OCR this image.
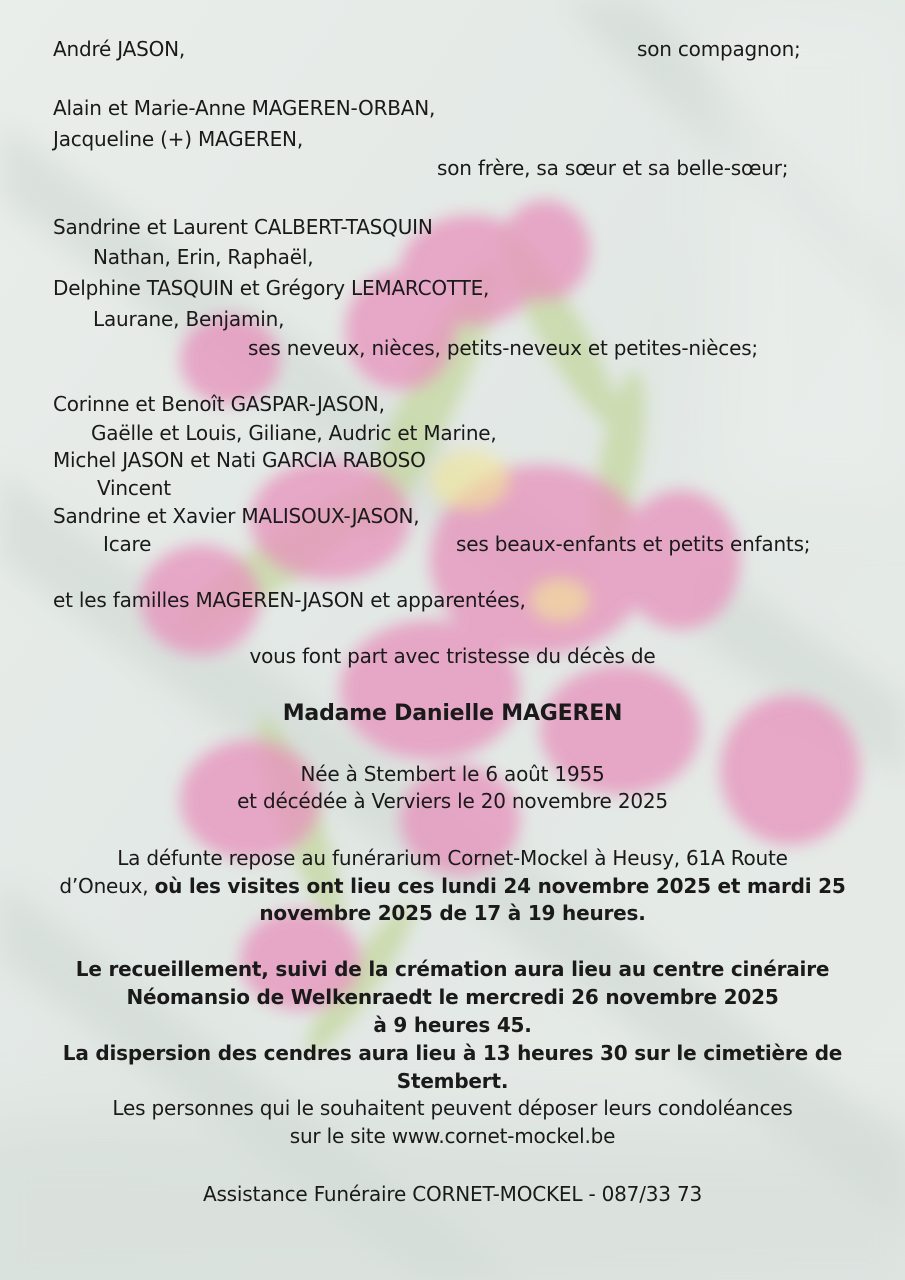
André JASON,	son compagnon;
Alain et Marie-Anne MAGEREN-ORBAN,
Jacqueline (+) MAGEREN,
son frère, sa sœur et sa belle-sœur;
Sandrine et Laurent CALBERT-TASQUIN
Nathan, Erin, Raphaël,
Delphine TASQUIN et Grégory LEMARCOTTE,
Laurane, Benjamin,
ses neveux, nièces, petits-neveux et petites-nièces;
Corinne et Benoît GASPAR-JASON,
Gaëlle et Louis, Giliane, Audric et Marine,
Michel JASON et Nati GARCIA RABOSO
Vincent
Sandrine et Xavier MALISOUX-JASON,
Icare	ses beaux-enfants et petits enfants;
et les familles MAGEREN-JASON et apparentées,
vous font part avec tristesse du décès de
Madame Danielle MAGEREN
Née à Stembert le 6 août 1955
et décédée à Verviers le 20 novembre 2025
La défunte repose au funérarium Cornet-Mockel à Heusy, 61A Route
d’Oneux, où les visites ont lieu ces lundi 24 novembre 2025 et mardi 25
novembre 2025 de 17 à 19 heures.
Le recueillement, suivi de la crémation aura lieu au centre cinéraire
Néomansio de Welkenraedt le mercredi 26 novembre 2025
à 9 heures 45.
La dispersion des cendres aura lieu à 13 heures 30 sur le cimetière de
Stembert.
Les personnes qui le souhaitent peuvent déposer leurs condoléances
sur le site www.cornet-mockel.be
Assistance Funéraire CORNET-MOCKEL - 087/33 73
